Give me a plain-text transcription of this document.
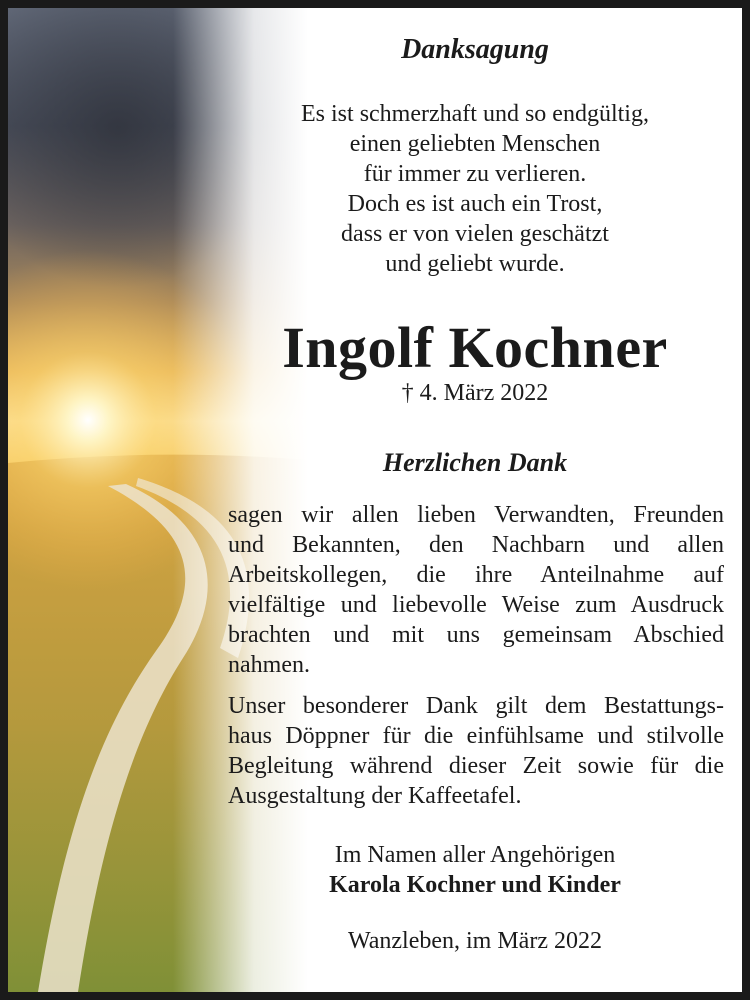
Danksagung
Es ist schmerzhaft und so endgültig,
einen geliebten Menschen
für immer zu verlieren.
Doch es ist auch ein Trost,
dass er von vielen geschätzt
und geliebt wurde.
Ingolf Kochner
† 4. März 2022
Herzlichen Dank
sagen wir allen lieben Verwandten, Freunden
und Bekannten, den Nachbarn und allen
Arbeitskollegen, die ihre Anteilnahme auf
vielfältige und liebevolle Weise zum Ausdruck
brachten und mit uns gemeinsam Abschied
nahmen.
Unser besonderer Dank gilt dem Bestattungs-
haus Döppner für die einfühlsame und stilvolle
Begleitung während dieser Zeit sowie für die
Ausgestaltung der Kaffeetafel.
Im Namen aller Angehörigen
Karola Kochner und Kinder
Wanzleben, im März 2022
